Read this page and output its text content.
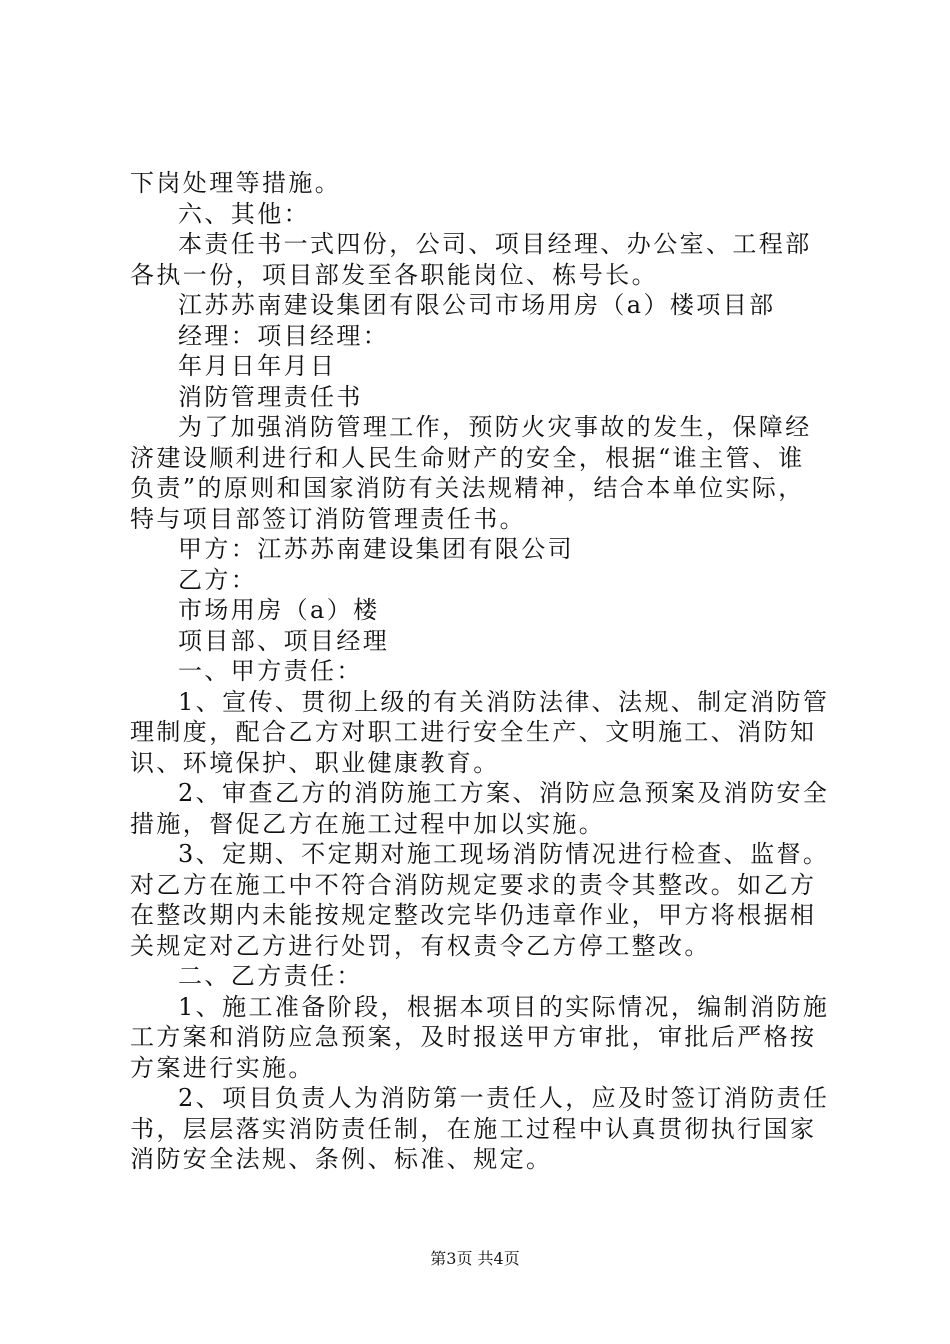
下岗处理等措施。

六、其他：

本责任书一式四份，公司、项目经理、办公室、工程部各执一份，项目部发至各职能岗位、栋号长。

江苏苏南建设集团有限公司市场用房（a）楼项目部

经理：项目经理：

年月日年月日

消防管理责任书

为了加强消防管理工作，预防火灾事故的发生，保障经济建设顺利进行和人民生命财产的安全，根据“谁主管、谁负责”的原则和国家消防有关法规精神，结合本单位实际，特与项目部签订消防管理责任书。

甲方：江苏苏南建设集团有限公司

乙方：

市场用房（a）楼

项目部、项目经理

一、甲方责任：

1、宣传、贯彻上级的有关消防法律、法规、制定消防管理制度，配合乙方对职工进行安全生产、文明施工、消防知识、环境保护、职业健康教育。

2、审查乙方的消防施工方案、消防应急预案及消防安全措施，督促乙方在施工过程中加以实施。

3、定期、不定期对施工现场消防情况进行检查、监督。对乙方在施工中不符合消防规定要求的责令其整改。如乙方在整改期内未能按规定整改完毕仍违章作业，甲方将根据相关规定对乙方进行处罚，有权责令乙方停工整改。

二、乙方责任：

1、施工准备阶段，根据本项目的实际情况，编制消防施工方案和消防应急预案，及时报送甲方审批，审批后严格按方案进行实施。

2、项目负责人为消防第一责任人，应及时签订消防责任书，层层落实消防责任制，在施工过程中认真贯彻执行国家消防安全法规、条例、标准、规定。

第3页 共4页
